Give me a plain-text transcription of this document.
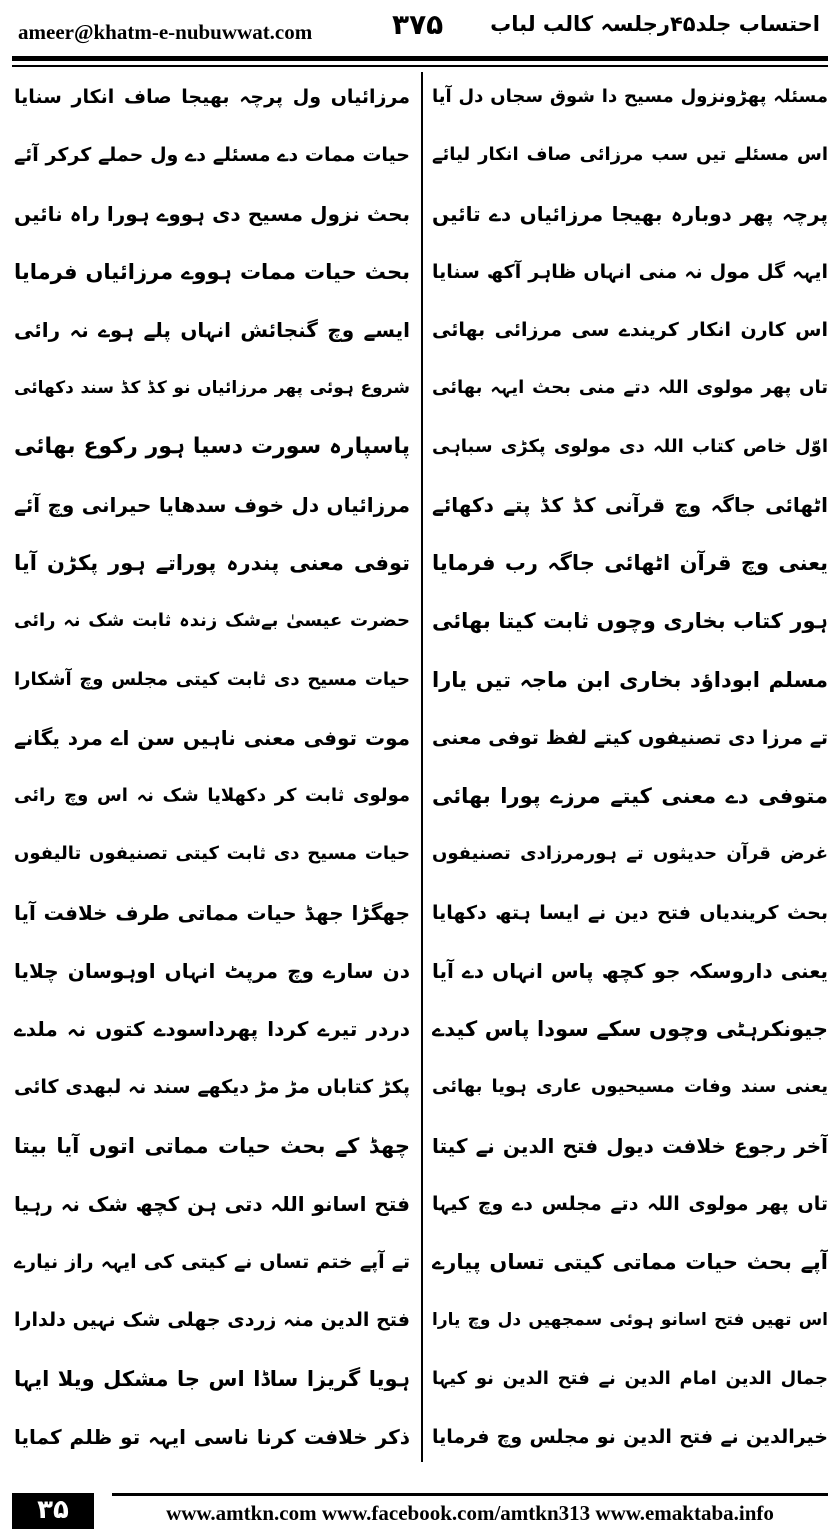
ameer@khatm-e-nubuwwat.com	۳۷۵ احتساب جلد۴۵رجلسہ کالب لباب
مسئلہ پھڑونزول مسیح دا شوق سجاں دل آیا
اس مسئلے تیں سب مرزائی صاف انکار لیائے
پرچہ پھر دوبارہ بھیجا مرزائیاں دے تائیں
ایہہ گل مول نہ منی انہاں ظاہر آکھ سنایا
اس کارن انکار کریندے سی مرزائی بھائی
تاں پھر مولوی اللہ دتے منی بحث ایہہ بھائی
اوّل خاص کتاب اللہ دی مولوی پکڑی سباہی
اٹھائی جاگہ وچ قرآنی کڈ کڈ پتے دکھائے
یعنی وچ قرآن اٹھائی جاگہ رب فرمایا
ہور کتاب بخاری وچوں ثابت کیتا بھائی
مسلم ابوداؤد بخاری ابن ماجہ تیں یارا
تے مرزا دی تصنیفوں کیتے لفظ توفی معنی
متوفی دے معنی کیتے مرزے پورا بھائی
غرض قرآن حدیثوں تے ہورمرزادی تصنیفوں
بحث کریندیاں فتح دین نے ایسا ہتھ دکھایا
یعنی داروسکہ جو کچھ پاس انہاں دے آیا
جیونکرہٹی وچوں سکے سودا پاس کیدے
یعنی سند وفات مسیحیوں عاری ہویا بھائی
آخر رجوع خلافت دیول فتح الدین نے کیتا
تاں پھر مولوی اللہ دتے مجلس دے وچ کیہا
آپے بحث حیات مماتی کیتی تساں پیارے
اس تھیں فتح اسانو ہوئی سمجھیں دل وچ یارا
جمال الدین امام الدین نے فتح الدین نو کیہا
خیرالدین نے فتح الدین نو مجلس وچ فرمایا
مرزائیاں ول پرچہ بھیجا صاف انکار سنایا
حیات ممات دے مسئلے دے ول حملے کرکر آئے
بحث نزول مسیح دی ہووے ہورا راہ نائیں
بحث حیات ممات ہووے مرزائیاں فرمایا
ایسے وچ گنجائش انہاں پلے ہوے نہ رائی
شروع ہوئی پھر مرزائیاں نو کڈ کڈ سند دکھائی
پاسپارہ سورت دسیا ہور رکوع بھائی
مرزائیاں دل خوف سدھایا حیرانی وچ آئے
توفی معنی پندرہ پوراتے ہور پکڑن آیا
حضرت عیسیٰ بےشک زندہ ثابت شک نہ رائی
حیات مسیح دی ثابت کیتی مجلس وچ آشکارا
موت توفی معنی ناہیں سن اے مرد یگانے
مولوی ثابت کر دکھلایا شک نہ اس وچ رائی
حیات مسیح دی ثابت کیتی تصنیفوں تالیفوں
جھگڑا جھڈ حیات مماتی طرف خلافت آیا
دن سارے وچ مرپٹ انہاں اوہوسان چلایا
دردر تیرے کردا پھرداسودے کتوں نہ ملدے
پکڑ کتاباں مڑ مڑ دیکھے سند نہ لبھدی کائی
چھڈ کے بحث حیات مماتی اتوں آیا بیتا
فتح اسانو اللہ دتی ہن کچھ شک نہ رہیا
تے آپے ختم تساں نے کیتی کی ایہہ راز نیارے
فتح الدین منہ زردی جھلی شک نہیں دلدارا
ہویا گریزا ساڈا اس جا مشکل ویلا ایہا
ذکر خلافت کرنا ناسی ایہہ تو ظلم کمایا
۳۵	www.amtkn.com www.facebook.com/amtkn313 www.emaktaba.info
